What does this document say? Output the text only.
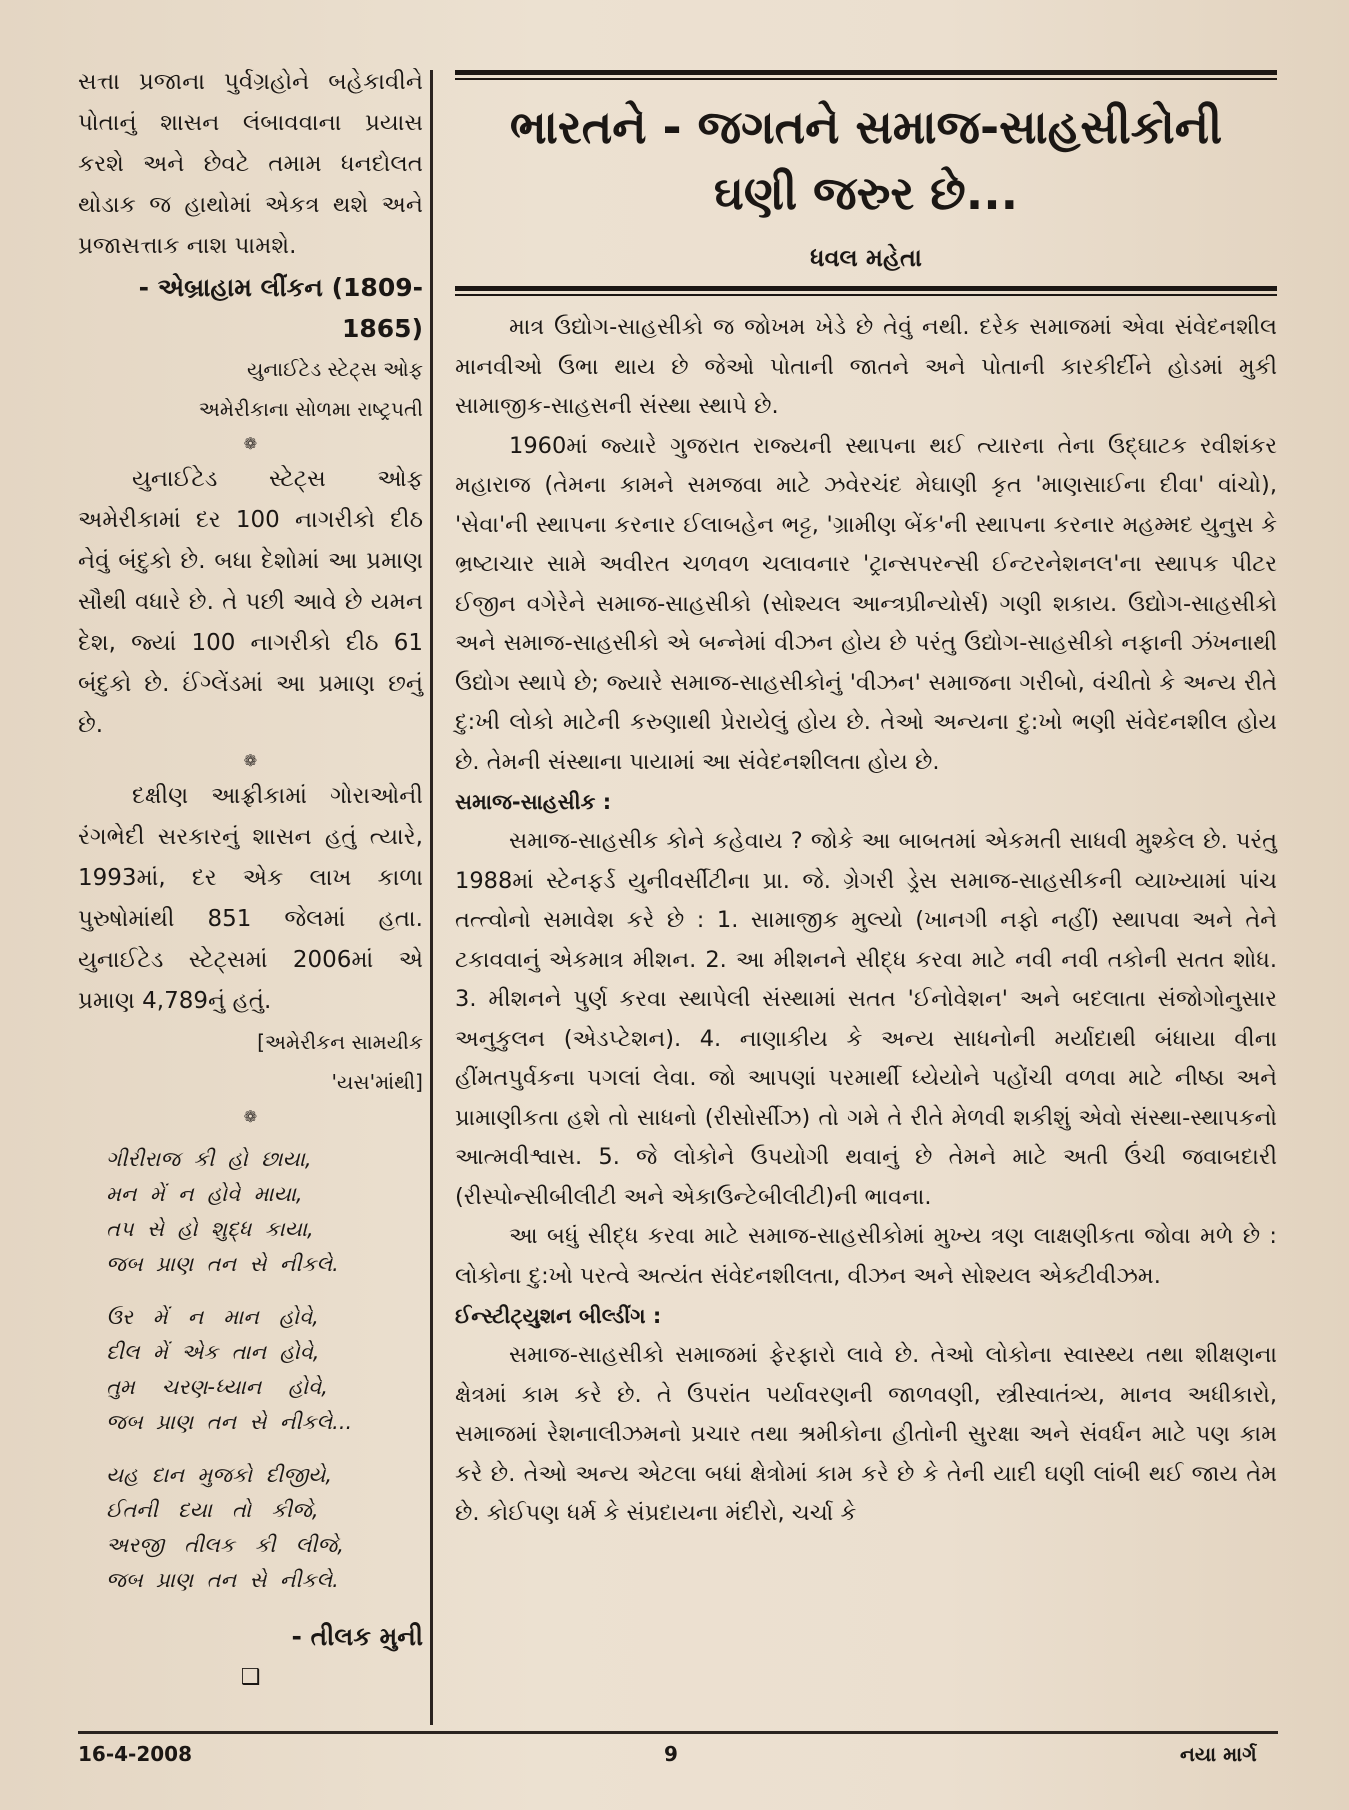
સત્તા પ્રજાના પુર્વગ્રહોને બહેકાવીને પોતાનું શાસન લંબાવવાના પ્રયાસ કરશે અને છેવટે તમામ ધનદોલત થોડાક જ હાથોમાં એકત્ર થશે અને પ્રજાસત્તાક નાશ પામશે.

- એબ્રાહામ લીંકન (1809-1865)

યુનાઈટેડ સ્ટેટ્સ ઓફ

અમેરીકાના સોળમા રાષ્ટ્રપતી

❁

યુનાઈટેડ સ્ટેટ્સ ઓફ અમેરીકામાં દર 100 નાગરીકો દીઠ નેવું બંદુકો છે. બધા દેશોમાં આ પ્રમાણ સૌથી વધારે છે. તે પછી આવે છે યમન દેશ, જ્યાં 100 નાગરીકો દીઠ 61 બંદુકો છે. ઈંગ્લેંડમાં આ પ્રમાણ છનું છે.

❁

દક્ષીણ આફ્રીકામાં ગોરાઓની રંગભેદી સરકારનું શાસન હતું ત્યારે, 1993માં, દર એક લાખ કાળા પુરુષોમાંથી 851 જેલમાં હતા. યુનાઈટેડ સ્ટેટ્સમાં 2006માં એ પ્રમાણ 4,789નું હતું.

[અમેરીકન સામયીક

'યસ'માંથી]

❁

ગીરીરાજ  કી  હો  છાયા,
મન  મેં  ન  હોવે  માયા,
તપ  સે  હો  શુદ્ધ  કાયા,
જબ  પ્રાણ  તન  સે  નીકલે.
ઉર   મેં   ન   માન   હોવે,
દીલ  મેં  એક  તાન  હોવે,
તુમ    ચરણ-ધ્યાન    હોવે,
જબ  પ્રાણ  તન  સે  નીકલે...
યહ  દાન  મુજકો  દીજીયે,
ઈતની   દયા   તો   કીજે,
અરજી   તીલક   કી   લીજે,
જબ  પ્રાણ  તન  સે  નીકલે.

- તીલક મુની

❑

ભારતને - જગતને સમાજ-સાહસીકોની
ઘણી જરુર છે...
ધવલ મહેતા

માત્ર ઉદ્યોગ-સાહસીકો જ જોખમ ખેડે છે તેવું નથી. દરેક સમાજમાં એવા સંવેદનશીલ માનવીઓ ઉભા થાય છે જેઓ પોતાની જાતને અને પોતાની કારકીર્દીને હોડમાં મુકી સામાજીક-સાહસની સંસ્થા સ્થાપે છે.

1960માં જ્યારે ગુજરાત રાજ્યની સ્થાપના થઈ ત્યારના તેના ઉદ્ઘાટક રવીશંકર મહારાજ (તેમના કામને સમજવા માટે ઝવેરચંદ મેઘાણી કૃત 'માણસાઈના દીવા' વાંચો), 'સેવા'ની સ્થાપના કરનાર ઈલાબહેન ભટ્ટ, 'ગ્રામીણ બેંક'ની સ્થાપના કરનાર મહમ્મદ યુનુસ કે ભ્રષ્ટાચાર સામે અવીરત ચળવળ ચલાવનાર 'ટ્રાન્સપરન્સી ઈન્ટરનેશનલ'ના સ્થાપક પીટર ઈજીન વગેરેને સમાજ-સાહસીકો (સોશ્યલ આન્ત્રપ્રીન્યોર્સ) ગણી શકાય. ઉદ્યોગ-સાહસીકો અને સમાજ-સાહસીકો એ બન્નેમાં વીઝન હોય છે પરંતુ ઉદ્યોગ-સાહસીકો નફાની ઝંખનાથી ઉદ્યોગ સ્થાપે છે; જ્યારે સમાજ-સાહસીકોનું 'વીઝન' સમાજના ગરીબો, વંચીતો કે અન્ય રીતે દુ:ખી લોકો માટેની કરુણાથી પ્રેરાયેલું હોય છે. તેઓ અન્યના દુ:ખો ભણી સંવેદનશીલ હોય છે. તેમની સંસ્થાના પાયામાં આ સંવેદનશીલતા હોય છે.

સમાજ-સાહસીક :

સમાજ-સાહસીક કોને કહેવાય ? જોકે આ બાબતમાં એકમતી સાધવી મુશ્કેલ છે. પરંતુ 1988માં સ્ટેનફર્ડ યુનીવર્સીટીના પ્રા. જે. ગ્રેગરી ડ્રેસ સમાજ-સાહસીકની વ્યાખ્યામાં પાંચ તત્ત્વોનો સમાવેશ કરે છે : 1. સામાજીક મુલ્યો (ખાનગી નફો નહીં) સ્થાપવા અને તેને ટકાવવાનું એકમાત્ર મીશન. 2. આ મીશનને સીદ્ધ કરવા માટે નવી નવી તકોની સતત શોધ. 3. મીશનને પુર્ણ કરવા સ્થાપેલી સંસ્થામાં સતત 'ઈનોવેશન' અને બદલાતા સંજોગોનુસાર અનુકુલન (એડપ્ટેશન). 4. નાણાકીય કે અન્ય સાધનોની મર્યાદાથી બંધાયા વીના હીંમતપુર્વકના પગલાં લેવા. જો આપણાં પરમાર્થી ધ્યેયોને પહોંચી વળવા માટે નીષ્ઠા અને પ્રામાણીકતા હશે તો સાધનો (રીસોર્સીઝ) તો ગમે તે રીતે મેળવી શકીશું એવો સંસ્થા-સ્થાપકનો આત્મવીશ્વાસ. 5. જે લોકોને ઉપયોગી થવાનું છે તેમને માટે અતી ઉંચી જવાબદારી (રીસ્પોન્સીબીલીટી અને એકાઉન્ટેબીલીટી)ની ભાવના.

આ બધું સીદ્ધ કરવા માટે સમાજ-સાહસીકોમાં મુખ્ય ત્રણ લાક્ષણીકતા જોવા મળે છે : લોકોના દુ:ખો પરત્વે અત્યંત સંવેદનશીલતા, વીઝન અને સોશ્યલ એક્ટીવીઝમ.

ઈન્સ્ટીટ્યુશન બીલ્ડીંગ :

સમાજ-સાહસીકો સમાજમાં ફેરફારો લાવે છે. તેઓ લોકોના સ્વાસ્થ્ય તથા શીક્ષણના ક્ષેત્રમાં કામ કરે છે. તે ઉપરાંત પર્યાવરણની જાળવણી, સ્ત્રીસ્વાતંત્ર્ય, માનવ અધીકારો, સમાજમાં રેશનાલીઝમનો પ્રચાર તથા શ્રમીકોના હીતોની સુરક્ષા અને સંવર્ધન માટે પણ કામ કરે છે. તેઓ અન્ય એટલા બધાં ક્ષેત્રોમાં કામ કરે છે કે તેની યાદી ઘણી લાંબી થઈ જાય તેમ છે. કોઈપણ ધર્મ કે સંપ્રદાયના મંદીરો, ચર્ચા કે

16-4-2008	9	નયા માર્ગ
